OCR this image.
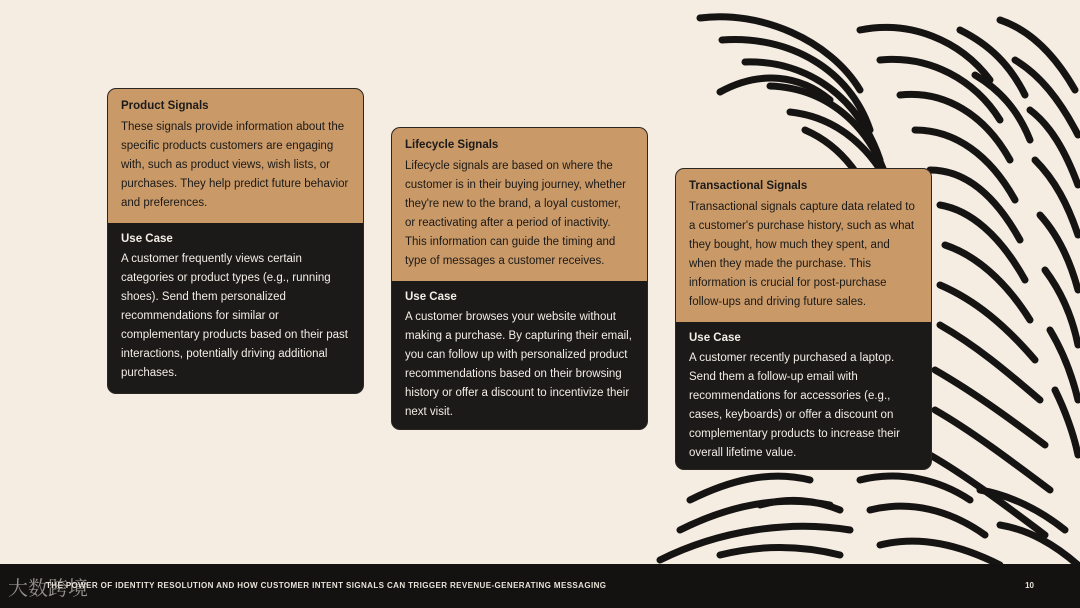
Product Signals
These signals provide information about the specific products customers are engaging with, such as product views, wish lists, or purchases. They help predict future behavior and preferences.
Use Case
A customer frequently views certain categories or product types (e.g., running shoes). Send them personalized recommendations for similar or complementary products based on their past interactions, potentially driving additional purchases.
Lifecycle Signals
Lifecycle signals are based on where the customer is in their buying journey, whether they're new to the brand, a loyal customer, or reactivating after a period of inactivity. This information can guide the timing and type of messages a customer receives.
Use Case
A customer browses your website without making a purchase. By capturing their email, you can follow up with personalized product recommendations based on their browsing history or offer a discount to incentivize their next visit.
Transactional Signals
Transactional signals capture data related to a customer's purchase history, such as what they bought, how much they spent, and when they made the purchase. This information is crucial for post-purchase follow-ups and driving future sales.
Use Case
A customer recently purchased a laptop. Send them a follow-up email with recommendations for accessories (e.g., cases, keyboards) or offer a discount on complementary products to increase their overall lifetime value.
大数跨境
THE POWER OF IDENTITY RESOLUTION AND HOW CUSTOMER INTENT SIGNALS CAN TRIGGER REVENUE-GENERATING MESSAGING	10
